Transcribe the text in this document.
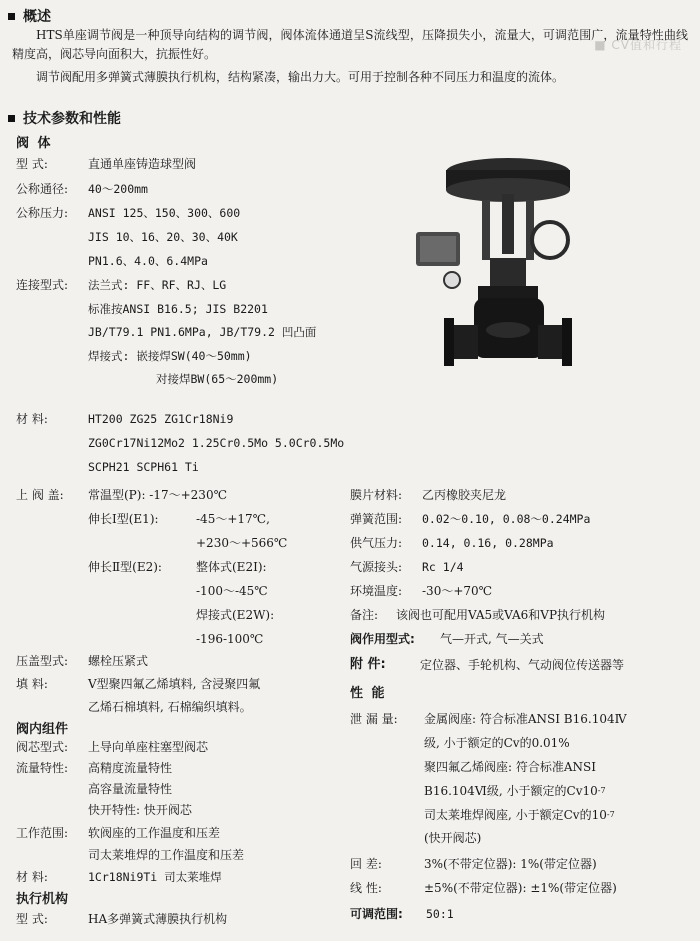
■ CV值和行程
概述
HTS单座调节阀是一种顶导向结构的调节阀，阀体流体通道呈S流线型，压降损失小，流量大，可调范围广，流量特性曲线精度高，阀芯导向面积大，抗振性好。
调节阀配用多弹簧式薄膜执行机构，结构紧凑，输出力大。可用于控制各种不同压力和温度的流体。
技术参数和性能
阀 体
型 式:	直通单座铸造球型阀
公称通径:	40～200mm
公称压力:	ANSI 125、150、300、600
JIS 10、16、20、30、40K
PN1.6、4.0、6.4MPa
连接型式:	法兰式: FF、RF、RJ、LG
标准按ANSI B16.5; JIS B2201
JB/T79.1 PN1.6MPa, JB/T79.2 凹凸面
焊接式: 嵌接焊SW(40～50mm)
对接焊BW(65～200mm)
材 料:	HT200 ZG25 ZG1Cr18Ni9
ZG0Cr17Ni12Mo2 1.25Cr0.5Mo 5.0Cr0.5Mo
SCPH21 SCPH61 Ti
上 阀 盖:	常温型(P): -17～+230℃
伸长Ⅰ型(E1):	-45～+17℃,
+230～+566℃
伸长Ⅱ型(E2):	整体式(E2Ⅰ):
-100～-45℃
焊接式(E2W):
-196-100℃
压盖型式:	螺栓压紧式
填 料:	V型聚四氟乙烯填料, 含浸聚四氟
乙烯石棉填料, 石棉编织填料。
阀内组件
阀芯型式:	上导向单座柱塞型阀芯
流量特性:	高精度流量特性
高容量流量特性
快开特性: 快开阀芯
工作范围:	软阀座的工作温度和压差
司太莱堆焊的工作温度和压差
材 料:	1Cr18Ni9Ti 司太莱堆焊
执行机构
型 式:	HA多弹簧式薄膜执行机构
膜片材料:	乙丙橡胶夹尼龙
弹簧范围:	0.02～0.10, 0.08～0.24MPa
供气压力:	0.14, 0.16, 0.28MPa
气源接头:	Rc 1/4
环境温度:	-30～+70℃
备注:	该阀也可配用VA5或VA6和VP执行机构
阀作用型式:	气—开式, 气—关式
附 件:	定位器、手轮机构、气动阀位传送器等
性 能
泄 漏 量:	金属阀座: 符合标准ANSI B16.104Ⅳ
级, 小于额定的Cv的0.01%
聚四氟乙烯阀座: 符合标准ANSI
B16.104Ⅵ级, 小于额定的Cv10 -7
司太莱堆焊阀座, 小于额定Cv的10 -7
(快开阀芯)
回 差:	3%(不带定位器): 1%(带定位器)
线 性:	±5%(不带定位器): ±1%(带定位器)
可调范围:	50:1
